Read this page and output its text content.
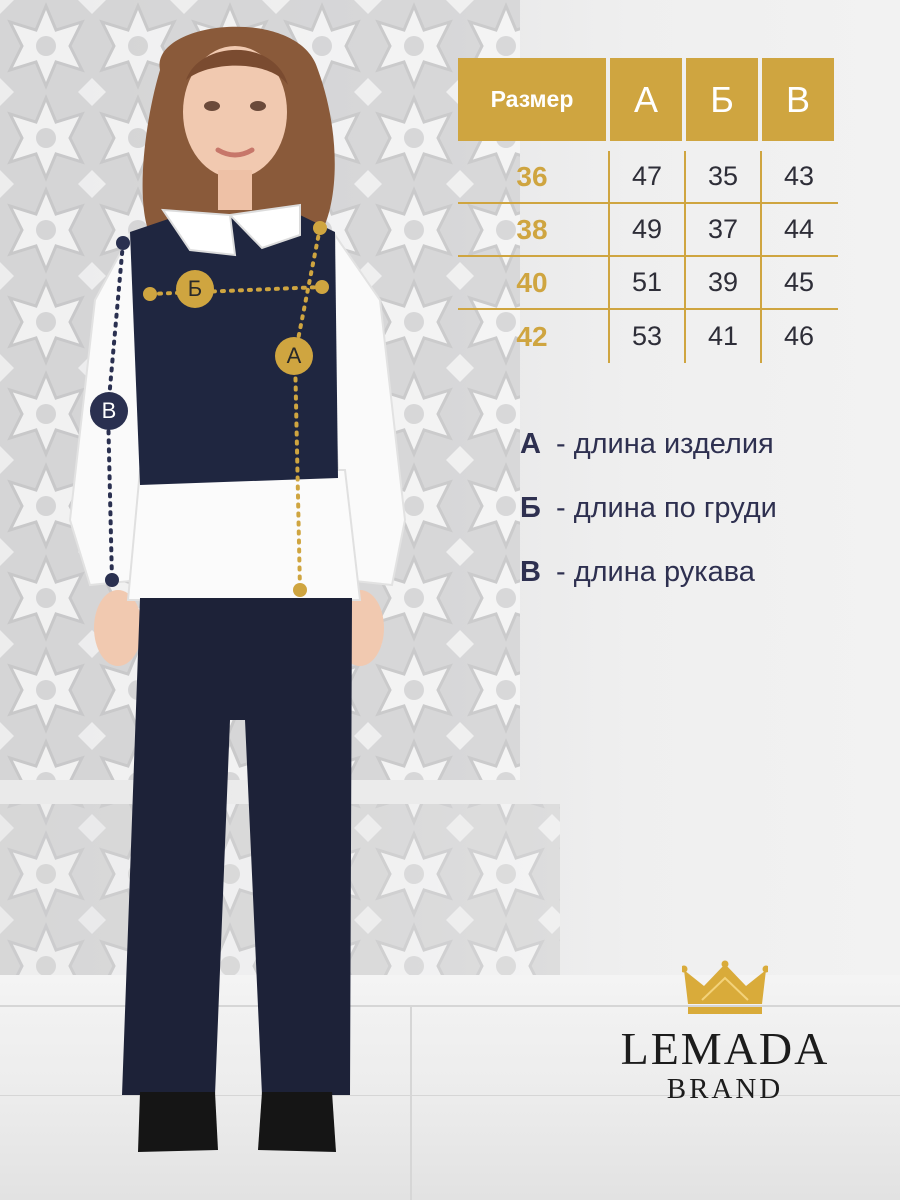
Б
А
В
Размер	А	Б	В
36	47	35	43
38	49	37	44
40	51	39	45
42	53	41	46
А - длина изделия
Б - длина по груди
В - длина рукава
LEMADA
BRAND
